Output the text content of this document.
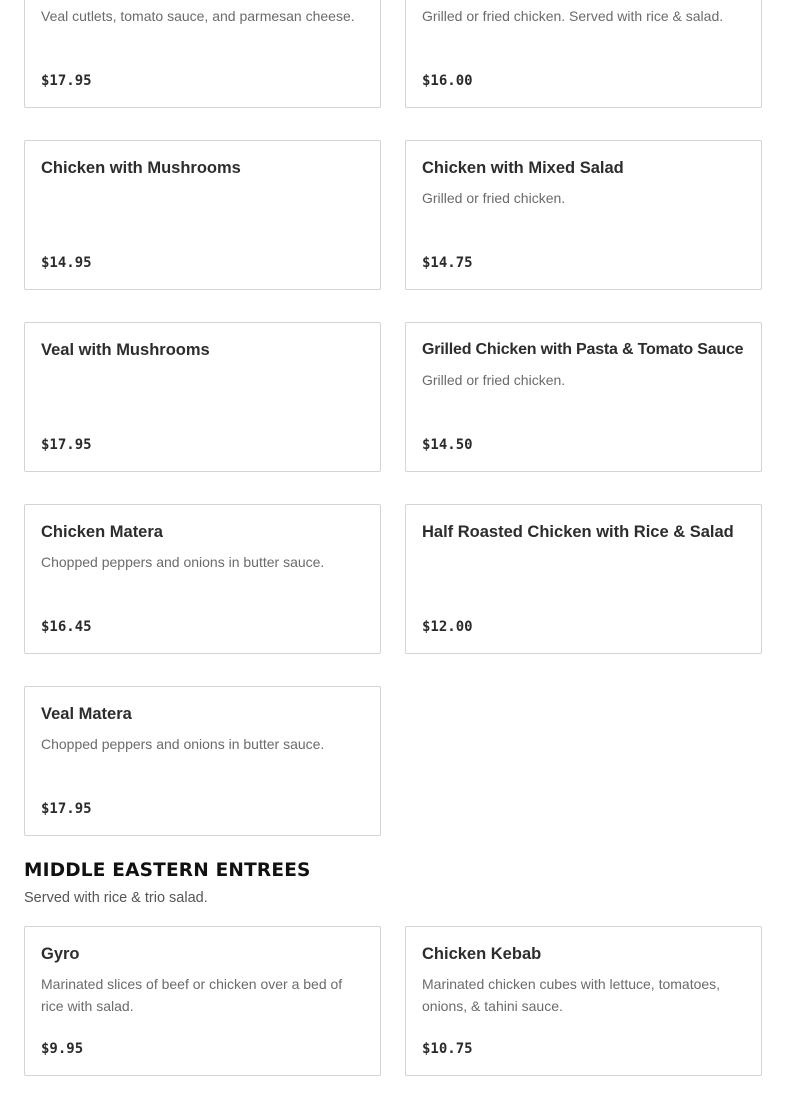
Veal cutlets, tomato sauce, and parmesan cheese.
$17.95
Grilled or fried chicken. Served with rice & salad.
$16.00
Chicken with Mushrooms
$14.95
Chicken with Mixed Salad
Grilled or fried chicken.
$14.75
Veal with Mushrooms
$17.95
Grilled Chicken with Pasta & Tomato Sauce
Grilled or fried chicken.
$14.50
Chicken Matera
Chopped peppers and onions in butter sauce.
$16.45
Half Roasted Chicken with Rice & Salad
$12.00
Veal Matera
Chopped peppers and onions in butter sauce.
$17.95
MIDDLE EASTERN ENTREES
Served with rice & trio salad.
Gyro
Marinated slices of beef or chicken over a bed of rice with salad.
$9.95
Chicken Kebab
Marinated chicken cubes with lettuce, tomatoes, onions, & tahini sauce.
$10.75
